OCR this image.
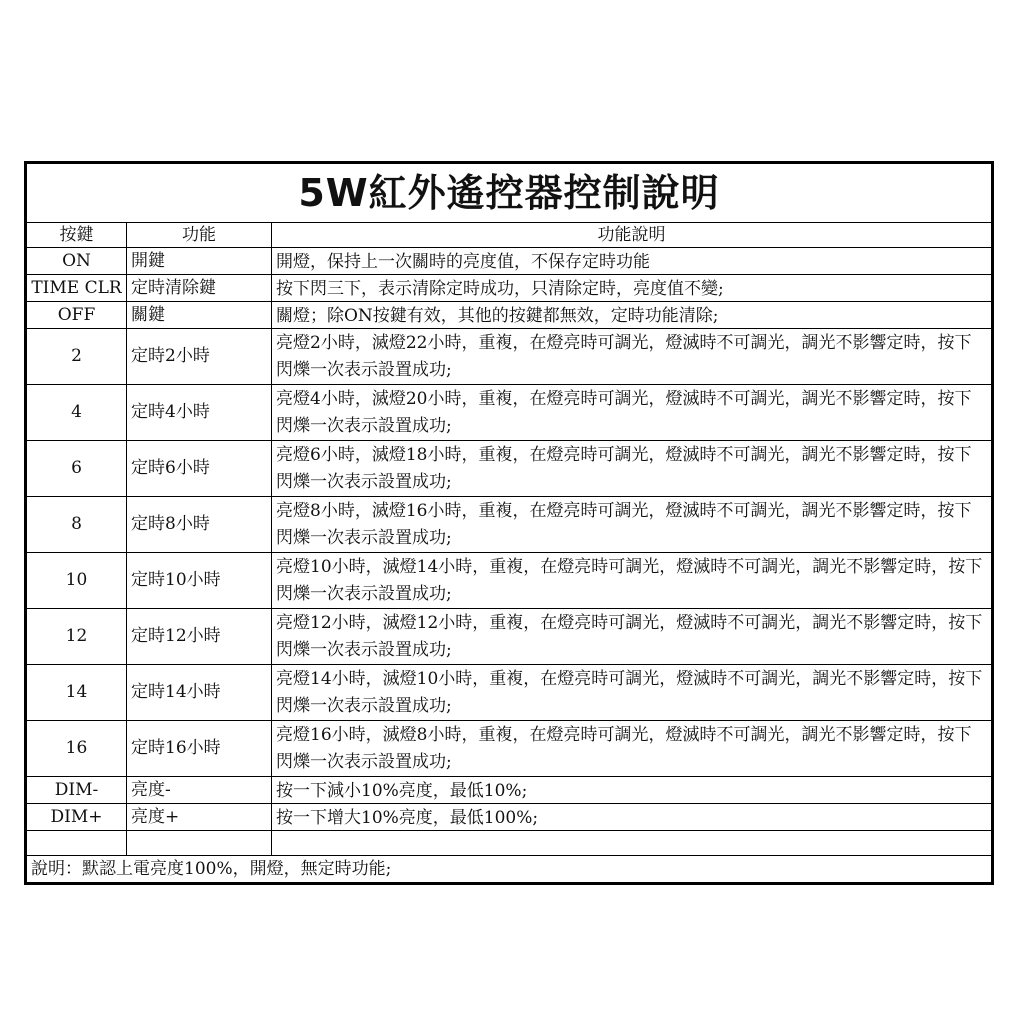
5W紅外遙控器控制說明		
按鍵	功能	功能說明
ON	開鍵	開燈，保持上一次關時的亮度值，不保存定時功能
TIME CLR	定時清除鍵	按下閃三下，表示清除定時成功，只清除定時，亮度值不變;
OFF	關鍵	關燈；除ON按鍵有效，其他的按鍵都無效，定時功能清除;
2	定時2小時	亮燈2小時，滅燈22小時，重複，在燈亮時可調光，燈滅時不可調光，調光不影響定時，按下閃爍一次表示設置成功;
4	定時4小時	亮燈4小時，滅燈20小時，重複，在燈亮時可調光，燈滅時不可調光，調光不影響定時，按下閃爍一次表示設置成功;
6	定時6小時	亮燈6小時，滅燈18小時，重複，在燈亮時可調光，燈滅時不可調光，調光不影響定時，按下閃爍一次表示設置成功;
8	定時8小時	亮燈8小時，滅燈16小時，重複，在燈亮時可調光，燈滅時不可調光，調光不影響定時，按下閃爍一次表示設置成功;
10	定時10小時	亮燈10小時，滅燈14小時，重複，在燈亮時可調光，燈滅時不可調光，調光不影響定時，按下閃爍一次表示設置成功;
12	定時12小時	亮燈12小時，滅燈12小時，重複，在燈亮時可調光，燈滅時不可調光，調光不影響定時，按下閃爍一次表示設置成功;
14	定時14小時	亮燈14小時，滅燈10小時，重複，在燈亮時可調光，燈滅時不可調光，調光不影響定時，按下閃爍一次表示設置成功;
16	定時16小時	亮燈16小時，滅燈8小時，重複，在燈亮時可調光，燈滅時不可調光，調光不影響定時，按下閃爍一次表示設置成功;
DIM-	亮度-	按一下減小10%亮度，最低10%;
DIM+	亮度+	按一下增大10%亮度，最低100%;

說明：默認上電亮度100%，開燈，無定時功能;		
